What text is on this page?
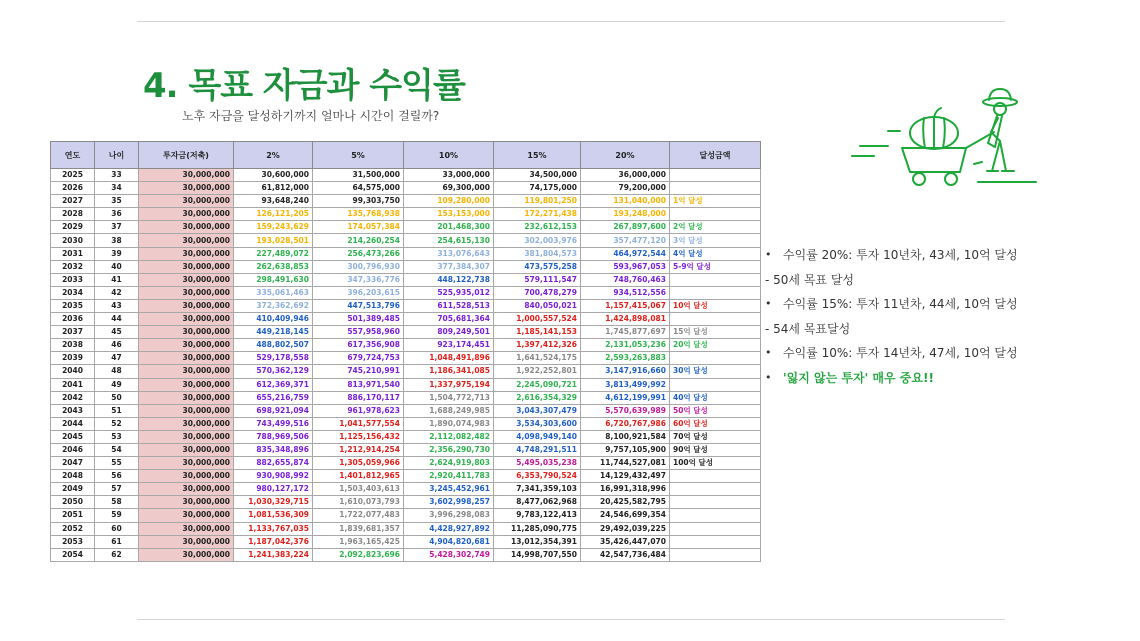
4. 목표 자금과 수익률
노후 자금을 달성하기까지 얼마나 시간이 걸릴까?
연도	나이	투자금(저축)	2%	5%	10%	15%	20%	달성금액
2025	33	30,000,000	30,600,000	31,500,000	33,000,000	34,500,000	36,000,000	
2026	34	30,000,000	61,812,000	64,575,000	69,300,000	74,175,000	79,200,000	
2027	35	30,000,000	93,648,240	99,303,750	109,280,000	119,801,250	131,040,000	1억 달성
2028	36	30,000,000	126,121,205	135,768,938	153,153,000	172,271,438	193,248,000	
2029	37	30,000,000	159,243,629	174,057,384	201,468,300	232,612,153	267,897,600	2억 달성
2030	38	30,000,000	193,028,501	214,260,254	254,615,130	302,003,976	357,477,120	3억 달성
2031	39	30,000,000	227,489,072	256,473,266	313,076,643	381,804,573	464,972,544	4억 달성
2032	40	30,000,000	262,638,853	300,796,930	377,384,307	473,575,258	593,967,053	5-9억 달성
2033	41	30,000,000	298,491,630	347,336,776	448,122,738	579,111,547	748,760,463	
2034	42	30,000,000	335,061,463	396,203,615	525,935,012	700,478,279	934,512,556	
2035	43	30,000,000	372,362,692	447,513,796	611,528,513	840,050,021	1,157,415,067	10억 달성
2036	44	30,000,000	410,409,946	501,389,485	705,681,364	1,000,557,524	1,424,898,081	
2037	45	30,000,000	449,218,145	557,958,960	809,249,501	1,185,141,153	1,745,877,697	15억 달성
2038	46	30,000,000	488,802,507	617,356,908	923,174,451	1,397,412,326	2,131,053,236	20억 달성
2039	47	30,000,000	529,178,558	679,724,753	1,048,491,896	1,641,524,175	2,593,263,883	
2040	48	30,000,000	570,362,129	745,210,991	1,186,341,085	1,922,252,801	3,147,916,660	30억 달성
2041	49	30,000,000	612,369,371	813,971,540	1,337,975,194	2,245,090,721	3,813,499,992	
2042	50	30,000,000	655,216,759	886,170,117	1,504,772,713	2,616,354,329	4,612,199,991	40억 달성
2043	51	30,000,000	698,921,094	961,978,623	1,688,249,985	3,043,307,479	5,570,639,989	50억 달성
2044	52	30,000,000	743,499,516	1,041,577,554	1,890,074,983	3,534,303,600	6,720,767,986	60억 달성
2045	53	30,000,000	788,969,506	1,125,156,432	2,112,082,482	4,098,949,140	8,100,921,584	70억 달성
2046	54	30,000,000	835,348,896	1,212,914,254	2,356,290,730	4,748,291,511	9,757,105,900	90억 달성
2047	55	30,000,000	882,655,874	1,305,059,966	2,624,919,803	5,495,035,238	11,744,527,081	100억 달성
2048	56	30,000,000	930,908,992	1,401,812,965	2,920,411,783	6,353,790,524	14,129,432,497	
2049	57	30,000,000	980,127,172	1,503,403,613	3,245,452,961	7,341,359,103	16,991,318,996	
2050	58	30,000,000	1,030,329,715	1,610,073,793	3,602,998,257	8,477,062,968	20,425,582,795	
2051	59	30,000,000	1,081,536,309	1,722,077,483	3,996,298,083	9,783,122,413	24,546,699,354	
2052	60	30,000,000	1,133,767,035	1,839,681,357	4,428,927,892	11,285,090,775	29,492,039,225	
2053	61	30,000,000	1,187,042,376	1,963,165,425	4,904,820,681	13,012,354,391	35,426,447,070	
2054	62	30,000,000	1,241,383,224	2,092,823,696	5,428,302,749	14,998,707,550	42,547,736,484	
• 수익률 20%: 투자 10년차, 43세, 10억 달성
- 50세 목표 달성
• 수익률 15%: 투자 11년차, 44세, 10억 달성
- 54세 목표달성
• 수익률 10%: 투자 14년차, 47세, 10억 달성
• '잃지 않는 투자' 매우 중요!!
